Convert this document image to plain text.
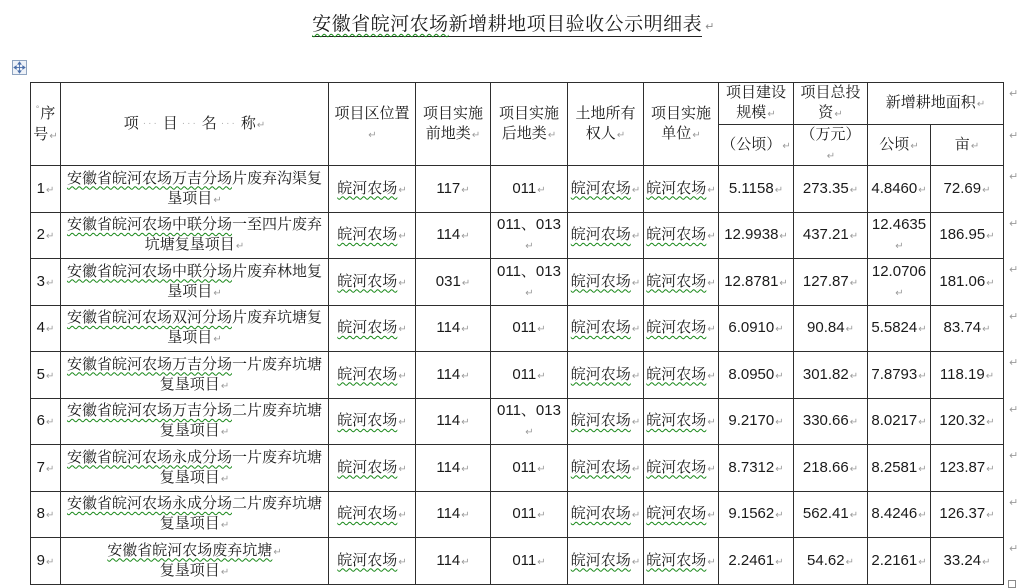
安徽省皖河农场新增耕地项目验收公示明细表 ↵
°序号↵	项 ··· 目 ··· 名 ··· 称↵	项目区位置↵	项目实施前地类↵	项目实施后地类↵	土地所有权人↵	项目实施单位↵	项目建设规模↵	项目总投资↵	新增耕地面积↵	
							（公顷）↵	（万元）↵	公顷↵	亩↵
1↵	安徽省皖河农场万吉分场片废弃沟渠复垦项目↵	皖河农场↵	117↵	011↵	皖河农场↵	皖河农场↵	5.1158↵	273.35↵	4.8460↵	72.69↵
2↵	安徽省皖河农场中联分场一至四片废弃坑塘复垦项目↵	皖河农场↵	114↵	011、013↵	皖河农场↵	皖河农场↵	12.9938↵	437.21↵	12.4635↵	186.95↵
3↵	安徽省皖河农场中联分场片废弃林地复垦项目↵	皖河农场↵	031↵	011、013↵	皖河农场↵	皖河农场↵	12.8781↵	127.87↵	12.0706↵	181.06↵
4↵	安徽省皖河农场双河分场片废弃坑塘复垦项目↵	皖河农场↵	114↵	011↵	皖河农场↵	皖河农场↵	6.0910↵	90.84↵	5.5824↵	83.74↵
5↵	安徽省皖河农场万吉分场一片废弃坑塘复垦项目↵	皖河农场↵	114↵	011↵	皖河农场↵	皖河农场↵	8.0950↵	301.82↵	7.8793↵	118.19↵
6↵	安徽省皖河农场万吉分场二片废弃坑塘复垦项目↵	皖河农场↵	114↵	011、013↵	皖河农场↵	皖河农场↵	9.2170↵	330.66↵	8.0217↵	120.32↵
7↵	安徽省皖河农场永成分场一片废弃坑塘复垦项目↵	皖河农场↵	114↵	011↵	皖河农场↵	皖河农场↵	8.7312↵	218.66↵	8.2581↵	123.87↵
8↵	安徽省皖河农场永成分场二片废弃坑塘复垦项目↵	皖河农场↵	114↵	011↵	皖河农场↵	皖河农场↵	9.1562↵	562.41↵	8.4246↵	126.37↵
9↵	安徽省皖河农场废弃坑塘↵
复垦项目↵	皖河农场↵	114↵	011↵	皖河农场↵	皖河农场↵	2.2461↵	54.62↵	2.2161↵	33.24↵
↵
↵
↵
↵
↵
↵
↵
↵
↵
↵
↵
